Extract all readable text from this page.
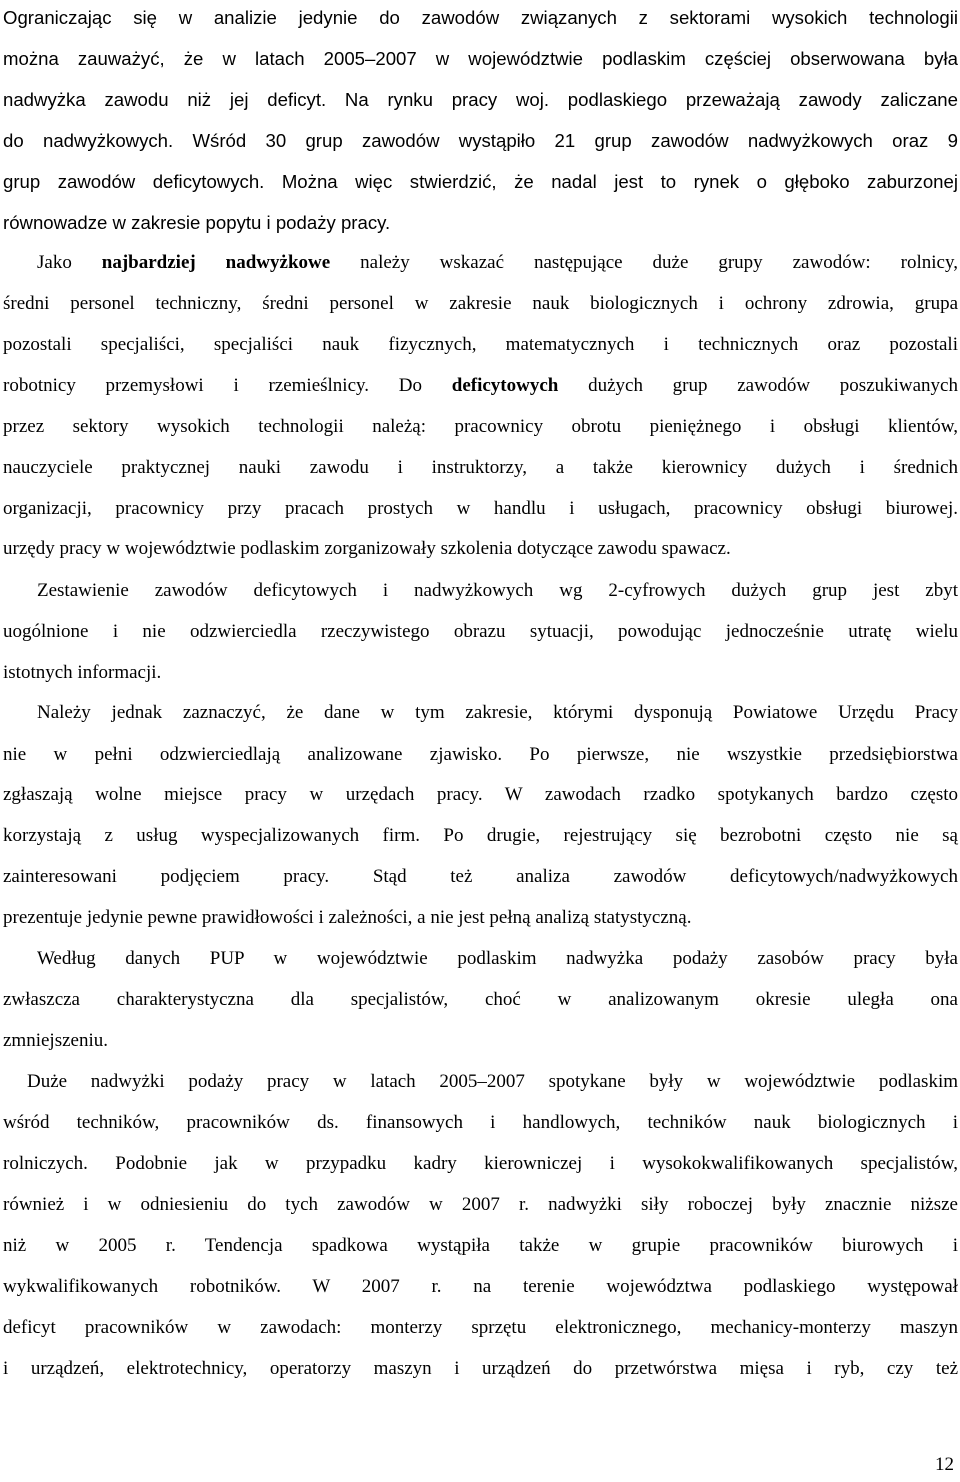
Ograniczając się w analizie jedynie do zawodów związanych z sektorami wysokich technologii
można zauważyć, że w latach 2005–2007 w województwie podlaskim częściej obserwowana była
nadwyżka zawodu niż jej deficyt. Na rynku pracy woj. podlaskiego przeważają zawody zaliczane
do nadwyżkowych. Wśród 30 grup zawodów wystąpiło 21 grup zawodów nadwyżkowych oraz 9
grup zawodów deficytowych. Można więc stwierdzić, że nadal jest to rynek o głęboko zaburzonej
równowadze w zakresie popytu i podaży pracy.
Jako najbardziej nadwyżkowe należy wskazać następujące duże grupy zawodów: rolnicy,
średni personel techniczny, średni personel w zakresie nauk biologicznych i ochrony zdrowia, grupa
pozostali specjaliści, specjaliści nauk fizycznych, matematycznych i technicznych oraz pozostali
robotnicy przemysłowi i rzemieślnicy. Do deficytowych dużych grup zawodów poszukiwanych
przez sektory wysokich technologii należą: pracownicy obrotu pieniężnego i obsługi klientów,
nauczyciele praktycznej nauki zawodu i instruktorzy, a także kierownicy dużych i średnich
organizacji, pracownicy przy pracach prostych w handlu i usługach, pracownicy obsługi biurowej.
urzędy pracy w województwie podlaskim zorganizowały szkolenia dotyczące zawodu spawacz.
Zestawienie zawodów deficytowych i nadwyżkowych wg 2-cyfrowych dużych grup jest zbyt
uogólnione i nie odzwierciedla rzeczywistego obrazu sytuacji, powodując jednocześnie utratę wielu
istotnych informacji.
Należy jednak zaznaczyć, że dane w tym zakresie, którymi dysponują Powiatowe Urzędu Pracy
nie w pełni odzwierciedlają analizowane zjawisko. Po pierwsze, nie wszystkie przedsiębiorstwa
zgłaszają wolne miejsce pracy w urzędach pracy. W zawodach rzadko spotykanych bardzo często
korzystają z usług wyspecjalizowanych firm. Po drugie, rejestrujący się bezrobotni często nie są
zainteresowani podjęciem pracy. Stąd też analiza zawodów deficytowych/nadwyżkowych
prezentuje jedynie pewne prawidłowości i zależności, a nie jest pełną analizą statystyczną.
Według danych PUP w województwie podlaskim nadwyżka podaży zasobów pracy była
zwłaszcza charakterystyczna dla specjalistów, choć w analizowanym okresie uległa ona
zmniejszeniu.
Duże nadwyżki podaży pracy w latach 2005–2007 spotykane były w województwie podlaskim
wśród techników, pracowników ds. finansowych i handlowych, techników nauk biologicznych i
rolniczych. Podobnie jak w przypadku kadry kierowniczej i wysokokwalifikowanych specjalistów,
również i w odniesieniu do tych zawodów w 2007 r. nadwyżki siły roboczej były znacznie niższe
niż w 2005 r. Tendencja spadkowa wystąpiła także w grupie pracowników biurowych i
wykwalifikowanych robotników. W 2007 r. na terenie województwa podlaskiego występował
deficyt pracowników w zawodach: monterzy sprzętu elektronicznego, mechanicy-monterzy maszyn
i urządzeń, elektrotechnicy, operatorzy maszyn i urządzeń do przetwórstwa mięsa i ryb, czy też
12
